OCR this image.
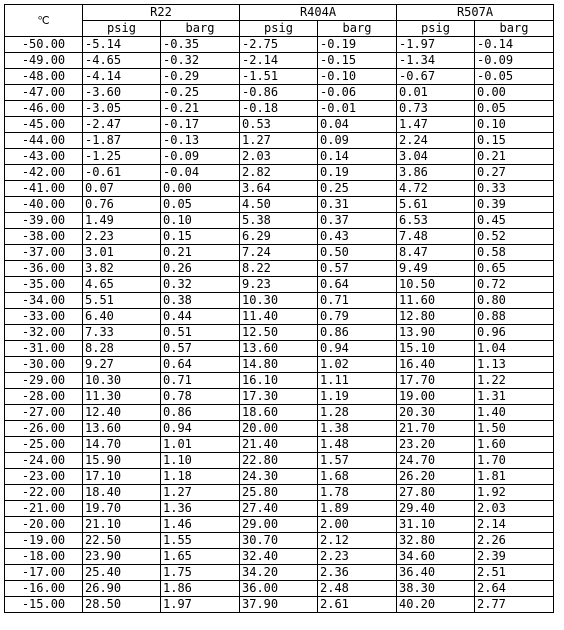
℃	R22		R404A		R507A	
	psig	barg	psig	barg	psig	barg
-50.00	-5.14	-0.35	-2.75	-0.19	-1.97	-0.14
-49.00	-4.65	-0.32	-2.14	-0.15	-1.34	-0.09
-48.00	-4.14	-0.29	-1.51	-0.10	-0.67	-0.05
-47.00	-3.60	-0.25	-0.86	-0.06	0.01	0.00
-46.00	-3.05	-0.21	-0.18	-0.01	0.73	0.05
-45.00	-2.47	-0.17	0.53	0.04	1.47	0.10
-44.00	-1.87	-0.13	1.27	0.09	2.24	0.15
-43.00	-1.25	-0.09	2.03	0.14	3.04	0.21
-42.00	-0.61	-0.04	2.82	0.19	3.86	0.27
-41.00	0.07	0.00	3.64	0.25	4.72	0.33
-40.00	0.76	0.05	4.50	0.31	5.61	0.39
-39.00	1.49	0.10	5.38	0.37	6.53	0.45
-38.00	2.23	0.15	6.29	0.43	7.48	0.52
-37.00	3.01	0.21	7.24	0.50	8.47	0.58
-36.00	3.82	0.26	8.22	0.57	9.49	0.65
-35.00	4.65	0.32	9.23	0.64	10.50	0.72
-34.00	5.51	0.38	10.30	0.71	11.60	0.80
-33.00	6.40	0.44	11.40	0.79	12.80	0.88
-32.00	7.33	0.51	12.50	0.86	13.90	0.96
-31.00	8.28	0.57	13.60	0.94	15.10	1.04
-30.00	9.27	0.64	14.80	1.02	16.40	1.13
-29.00	10.30	0.71	16.10	1.11	17.70	1.22
-28.00	11.30	0.78	17.30	1.19	19.00	1.31
-27.00	12.40	0.86	18.60	1.28	20.30	1.40
-26.00	13.60	0.94	20.00	1.38	21.70	1.50
-25.00	14.70	1.01	21.40	1.48	23.20	1.60
-24.00	15.90	1.10	22.80	1.57	24.70	1.70
-23.00	17.10	1.18	24.30	1.68	26.20	1.81
-22.00	18.40	1.27	25.80	1.78	27.80	1.92
-21.00	19.70	1.36	27.40	1.89	29.40	2.03
-20.00	21.10	1.46	29.00	2.00	31.10	2.14
-19.00	22.50	1.55	30.70	2.12	32.80	2.26
-18.00	23.90	1.65	32.40	2.23	34.60	2.39
-17.00	25.40	1.75	34.20	2.36	36.40	2.51
-16.00	26.90	1.86	36.00	2.48	38.30	2.64
-15.00	28.50	1.97	37.90	2.61	40.20	2.77
